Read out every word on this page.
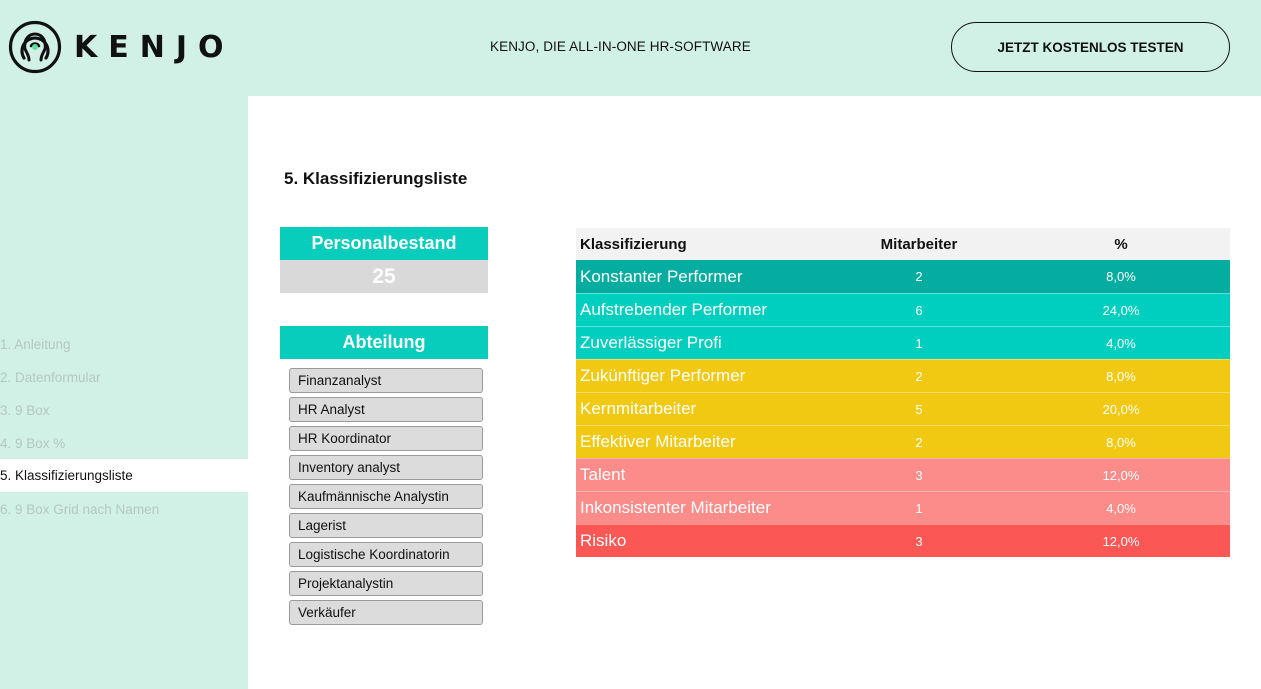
KENJO	KENJO, DIE ALL-IN-ONE HR-SOFTWARE	JETZT KOSTENLOS TESTEN
1. Anleitung
2. Datenformular
3. 9 Box
4. 9 Box %
5. Klassifizierungsliste
6. 9 Box Grid nach Namen
5. Klassifizierungsliste
Personalbestand
25
Abteilung
Finanzanalyst
HR Analyst
HR Koordinator
Inventory analyst
Kaufmännische Analystin
Lagerist
Logistische Koordinatorin
Projektanalystin
Verkäufer
Klassifizierung	Mitarbeiter	%
Konstanter Performer	2	8,0%
Aufstrebender Performer	6	24,0%
Zuverlässiger Profi	1	4,0%
Zukünftiger Performer	2	8,0%
Kernmitarbeiter	5	20,0%
Effektiver Mitarbeiter	2	8,0%
Talent	3	12,0%
Inkonsistenter Mitarbeiter	1	4,0%
Risiko	3	12,0%
